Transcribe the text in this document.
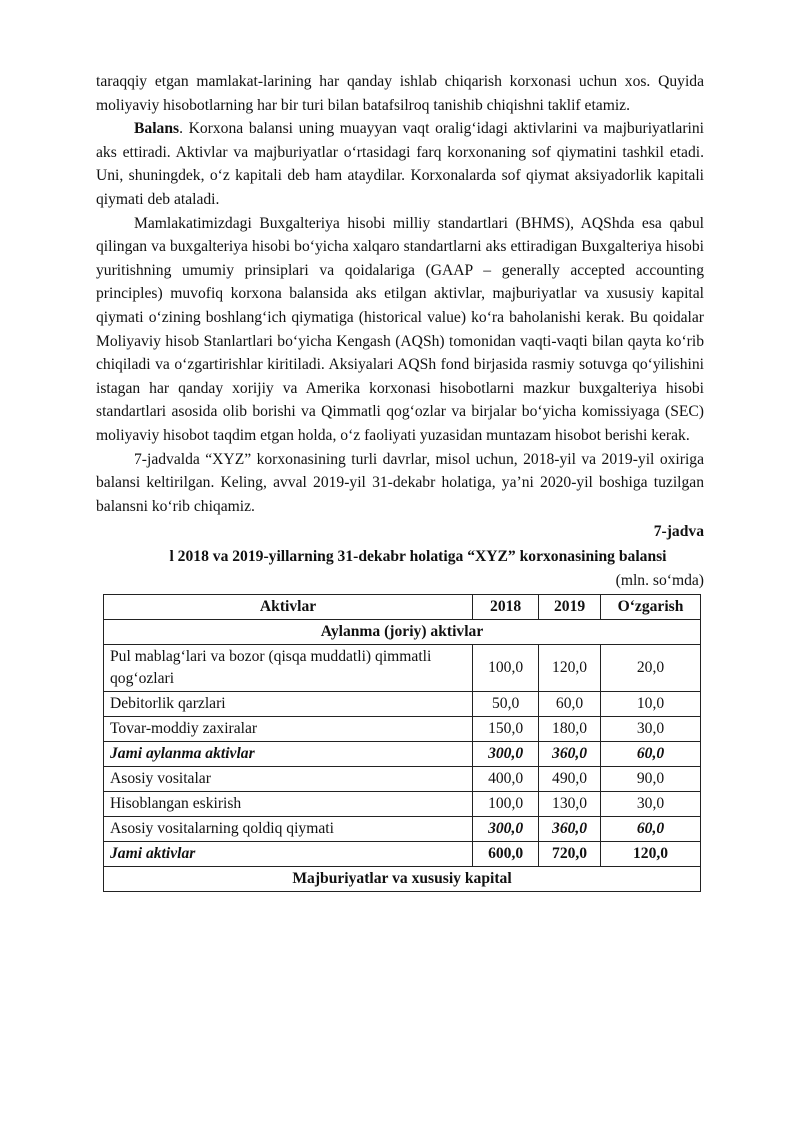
taraqqiy etgan mamlakat-larining har qanday ishlab chiqarish korxonasi uchun xos. Quyida moliyaviy hisobotlarning har bir turi bilan batafsilroq tanishib chiqishni taklif etamiz.

Balans. Korxona balansi uning muayyan vaqt oralig‘idagi aktivlarini va majburiyatlarini aks ettiradi. Aktivlar va majburiyatlar o‘rtasidagi farq korxonaning sof qiymatini tashkil etadi. Uni, shuningdek, o‘z kapitali deb ham ataydilar. Korxonalarda sof qiymat aksiyadorlik kapitali qiymati deb ataladi.

Mamlakatimizdagi Buxgalteriya hisobi milliy standartlari (BHMS), AQShda esa qabul qilingan va buxgalteriya hisobi bo‘yicha xalqaro standartlarni aks ettiradigan Buxgalteriya hisobi yuritishning umumiy prinsiplari va qoidalariga (GAAP – generally accepted accounting principles) muvofiq korxona balansida aks etilgan aktivlar, majburiyatlar va xususiy kapital qiymati o‘zining boshlang‘ich qiymatiga (historical value) ko‘ra baholanishi kerak. Bu qoidalar Moliyaviy hisob Stanlartlari bo‘yicha Kengash (AQSh) tomonidan vaqti-vaqti bilan qayta ko‘rib chiqiladi va o‘zgartirishlar kiritiladi. Aksiyalari AQSh fond birjasida rasmiy sotuvga qo‘yilishini istagan har qanday xorijiy va Amerika korxonasi hisobotlarni mazkur buxgalteriya hisobi standartlari asosida olib borishi va Qimmatli qog‘ozlar va birjalar bo‘yicha komissiyaga (SEC) moliyaviy hisobot taqdim etgan holda, o‘z faoliyati yuzasidan muntazam hisobot berishi kerak.

7-jadvalda “XYZ” korxonasining turli davrlar, misol uchun, 2018-yil va 2019-yil oxiriga balansi keltirilgan. Keling, avval 2019-yil 31-dekabr holatiga, ya’ni 2020-yil boshiga tuzilgan balansni ko‘rib chiqamiz.

7-jadva
l 2018 va 2019-yillarning 31-dekabr holatiga “XYZ” korxonasining balansi
(mln. so‘mda)
Aktivlar	2018	2019	O‘zgarish
Aylanma (joriy) aktivlar			
Pul mablag‘lari va bozor (qisqa muddatli) qimmatli qog‘ozlari	100,0	120,0	20,0
Debitorlik qarzlari	50,0	60,0	10,0
Tovar-moddiy zaxiralar	150,0	180,0	30,0
Jami aylanma aktivlar	300,0	360,0	60,0
Asosiy vositalar	400,0	490,0	90,0
Hisoblangan eskirish	100,0	130,0	30,0
Asosiy vositalarning qoldiq qiymati	300,0	360,0	60,0
Jami aktivlar	600,0	720,0	120,0
Majburiyatlar va xususiy kapital			
